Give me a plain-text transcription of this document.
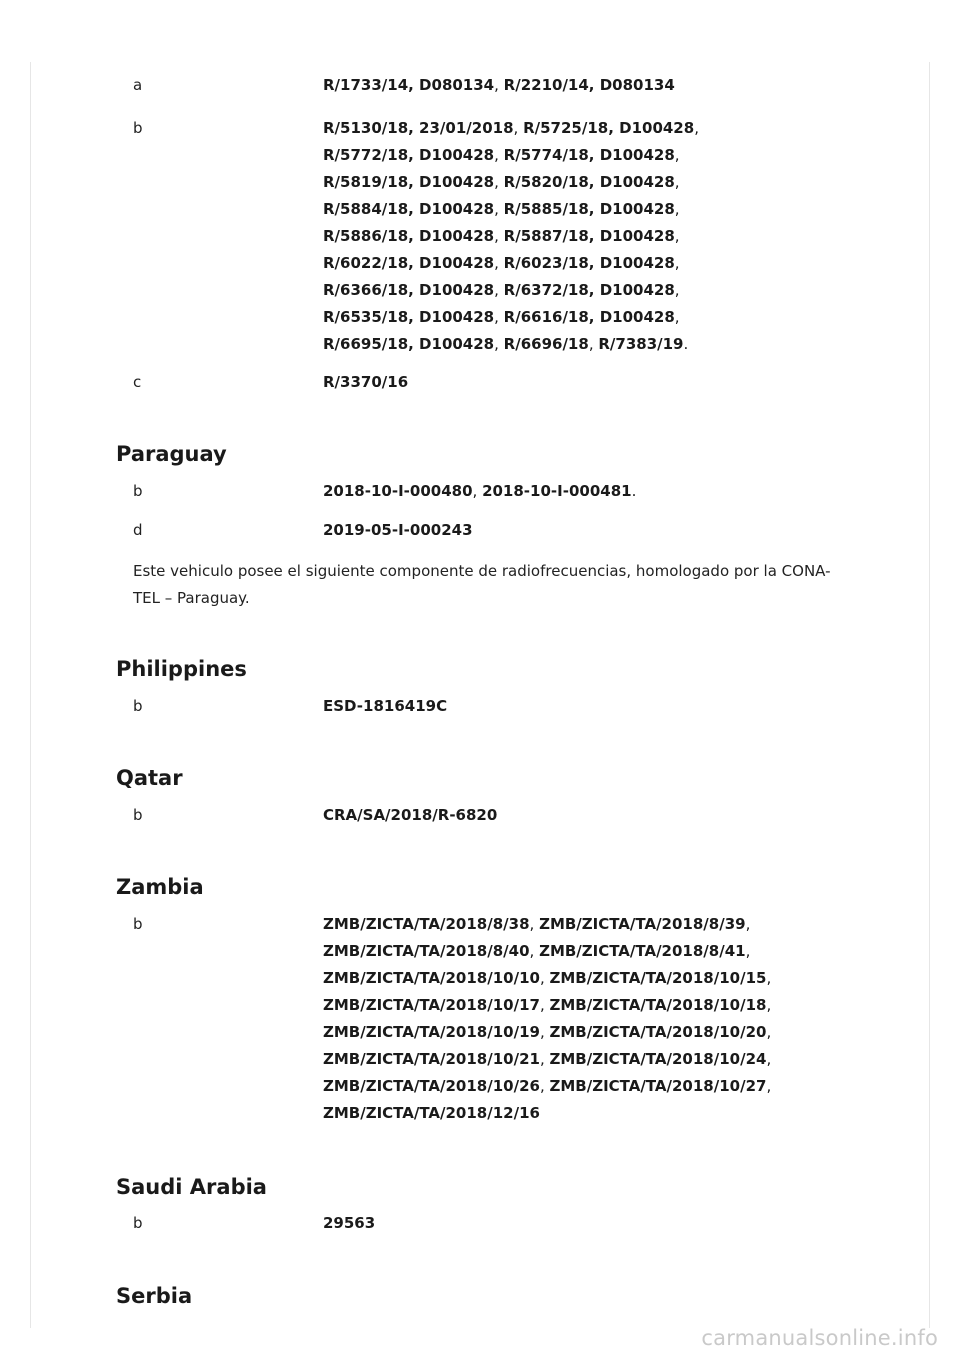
a	R/1733/14, D080134, R/2210/14, D080134
b	R/5130/18, 23/01/2018, R/5725/18, D100428,
R/5772/18, D100428, R/5774/18, D100428,
R/5819/18, D100428, R/5820/18, D100428,
R/5884/18, D100428, R/5885/18, D100428,
R/5886/18, D100428, R/5887/18, D100428,
R/6022/18, D100428, R/6023/18, D100428,
R/6366/18, D100428, R/6372/18, D100428,
R/6535/18, D100428, R/6616/18, D100428,
R/6695/18, D100428, R/6696/18, R/7383/19.
c	R/3370/16
Paraguay
b	2018-10-I-000480, 2018-10-I-000481.
d	2019-05-I-000243
Este vehiculo posee el siguiente componente de radiofrecuencias, homologado por la CONA-
TEL – Paraguay.
Philippines
b	ESD-1816419C
Qatar
b	CRA/SA/2018/R-6820
Zambia
b	ZMB/ZICTA/TA/2018/8/38, ZMB/ZICTA/TA/2018/8/39,
ZMB/ZICTA/TA/2018/8/40, ZMB/ZICTA/TA/2018/8/41,
ZMB/ZICTA/TA/2018/10/10, ZMB/ZICTA/TA/2018/10/15,
ZMB/ZICTA/TA/2018/10/17, ZMB/ZICTA/TA/2018/10/18,
ZMB/ZICTA/TA/2018/10/19, ZMB/ZICTA/TA/2018/10/20,
ZMB/ZICTA/TA/2018/10/21, ZMB/ZICTA/TA/2018/10/24,
ZMB/ZICTA/TA/2018/10/26, ZMB/ZICTA/TA/2018/10/27,
ZMB/ZICTA/TA/2018/12/16
Saudi Arabia
b	29563
Serbia
carmanualsonline.info
